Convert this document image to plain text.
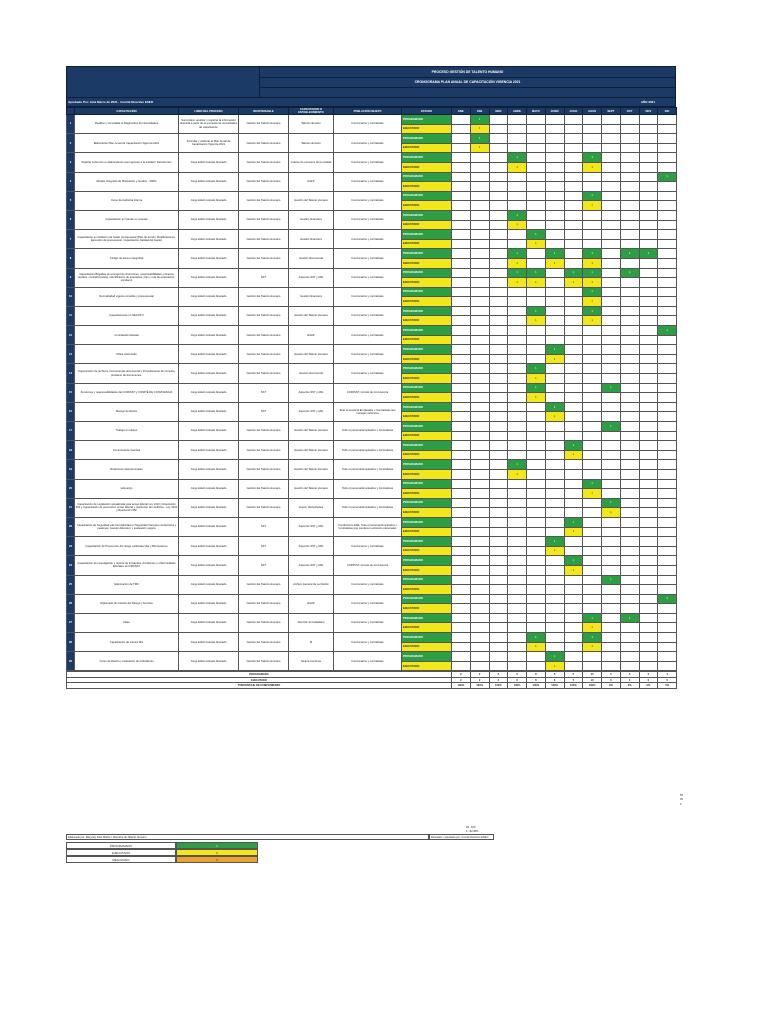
PROCESO GESTIÓN DE TALENTO HUMANO
CRONOGRAMA PLAN ANUAL DE CAPACITACIÓN VIGENCIA 2021
Aprobado Por: Acta Marzo de 2021 · Comité Directivo ESEO	AÑO 2021
	CAPACITACIÓN	LIDER DEL PROCESO	RESPONSABLE	CAPACITADOR O ESTABLECIMIENTO	POBLACIÓN OBJETO	ESTADO	ENE	FEB	MAR	ABRIL	MAYO	JUNIO	JULIO	AGOS	SEPT	OCT	NOV	DIC
1	Realizar y Consolidar el Diagnóstico de Necesidades	Suministrar, analizar y registrar la información obtenida a partir de la encuesta de necesidades de capacitación	Gestión del Talento Humano	Talento Humano	Funcionarios y contratistas	PROGRAMADO		1										
						EJECUTADO		1										
2	Elaboración Plan Anual de Capacitación Vigencia 2021	Formular y elaborar el Plan Anual de Capacitación Vigencia 2021	Gestión del Talento Humano	Talento Humano	Funcionarios y contratistas	PROGRAMADO		1										
						EJECUTADO		1										
3	Realizar Inducción a colaboradores que ingresan a la entidad / Reinducción	Jorge Edwin Arévalo Alvarado	Gestión del Talento Humano	Líderes de procesos de la entidad	Funcionarios y contratistas	PROGRAMADO				1				1				
						EJECUTADO				1				1				
4	Modelo Integrado de Planeación y Gestión - MIPG	Jorge Edwin Arévalo Alvarado	Gestión del Talento Humano	DAFP	Funcionarios y contratistas	PROGRAMADO												1
						EJECUTADO												
5	Curso de Auditoría Interna	Jorge Edwin Arévalo Alvarado	Gestión del Talento Humano	Gestión del Talento Humano	Funcionarios y contratistas	PROGRAMADO								1				
						EJECUTADO								1				
6	Capacitación en tramite en cuentas	Jorge Edwin Arévalo Alvarado	Gestión del Talento Humano	Gestión financiera	Funcionarios y contratistas	PROGRAMADO				1								
						EJECUTADO				1								
7	Capacitación en Gobierno de Gasto presupuestal (Plan de acción, Modificaciones, Ejecución de presupuesto, Capacitación Calidad del Gasto)	Jorge Edwin Arévalo Alvarado	Gestión del Talento Humano	Gestión financiera	Funcionarios y contratistas	PROGRAMADO					1							
						EJECUTADO					1							
8	Código de ética e integridad	Jorge Edwin Arévalo Alvarado	Gestión del Talento Humano	Gestión documental	Funcionarios y contratistas	PROGRAMADO				1		1		1		1	1	
						EJECUTADO				1		1		1				
9	Capacitación Brigadas de emergencia (Funciones, responsabilidades, primeros auxilios, contraincendios), identificación de amenazas, plan y ruta de evacuación, simulacro	Jorge Edwin Arévalo Alvarado	SST	Aspectos SST y ARL	Funcionarios y contratistas	PROGRAMADO				1	1		1	1		1		
						EJECUTADO				1	1		1	1				
10	Normatividad vigente contable y presupuestal	Jorge Edwin Arévalo Alvarado	Gestión del Talento Humano	Gestión financiera	Funcionarios y contratistas	PROGRAMADO								1				
						EJECUTADO								1				
11	Capacitaciones en SECOP II	Jorge Edwin Arévalo Alvarado	Gestión del Talento Humano	Gestión del Talento Humano	Funcionarios y contratistas	PROGRAMADO					1			1				
						EJECUTADO					1			1				
12	Contratación Estatal	Jorge Edwin Arévalo Alvarado	Gestión del Talento Humano	ESAP	Funcionarios y contratistas	PROGRAMADO												1
						EJECUTADO												
13	Office Intermedio	Jorge Edwin Arévalo Alvarado	Gestión del Talento Humano	Gestión del Talento Humano	Funcionarios y contratistas	PROGRAMADO						1						
						EJECUTADO						1						
14	Organización de archivos, herramientas documental y Procedimiento de consulta, préstamo de documentos.	Jorge Edwin Arévalo Alvarado	Gestión del Talento Humano	Gestión documental	Funcionarios y contratistas	PROGRAMADO					1							
						EJECUTADO					1							
15	Funciones y responsabilidades del COPASST y COMITÉ DE CONVIVENCIA	Jorge Edwin Arévalo Alvarado	SST	Aspectos SST y ARL	COPASST, Comité de Convivencia	PROGRAMADO					1				1			
						EJECUTADO					1							
16	Manejo de Estrés	Jorge Edwin Arévalo Alvarado	SST	Aspectos SST y ARL	Todo el personal Empleados y Contratistas que manejan vehículos	PROGRAMADO						1						
						EJECUTADO						1						
17	Trabajo en equipo	Jorge Edwin Arévalo Alvarado	Gestión del Talento Humano	Gestión del Talento Humano	Todo el personal Empleados y Contratistas	PROGRAMADO									1			
						EJECUTADO												
18	Comunicación Asertiva	Jorge Edwin Arévalo Alvarado	Gestión del Talento Humano	Gestión del Talento Humano	Todo el personal Empleados y Contratistas	PROGRAMADO							1					
						EJECUTADO							1					
19	Relaciones interpersonales	Jorge Edwin Arévalo Alvarado	Gestión del Talento Humano	Gestión del Talento Humano	Todo el personal Empleados y Contratistas	PROGRAMADO				1								
						EJECUTADO				1								
20	Liderazgo	Jorge Edwin Arévalo Alvarado	Gestión del Talento Humano	Gestión del Talento Humano	Todo el personal Empleados y Contratistas	PROGRAMADO								1				
						EJECUTADO								1				
21	Capacitación de Legislación actualizada para acoso laboral Ley 1010 y Resolución 652 y Capacitación de prevención acoso laboral y resolución de conflictos - Ley 1010 y Resolución 652	Jorge Edwin Arévalo Alvarado	Gestión del Talento Humano	Asesor disciplinarios	Todo el personal Empleados y Contratistas	PROGRAMADO									1			
						EJECUTADO									1			
22	Capacitación de Seguridad vial /normatividad en Seguridad Vial para conductores y peatones, manejo defensivo y evaluación segura	Jorge Edwin Arévalo Alvarado	SST	Aspectos SST y ARL	Conductores ESE, Todo el personal Empleados y Contratistas que conducen vehículos personales	PROGRAMADO							1					
						EJECUTADO							1					
23	Capacitación de Prevención del riesgo cardiovascular y Biomecánico	Jorge Edwin Arévalo Alvarado	SST	Aspectos SST y ARL	Funcionarios y contratistas	PROGRAMADO						1						
						EJECUTADO						1						
24	Capacitación de investigación y reporte de Incidentes, Accidentes y enfermedades laborales al COPASST	Jorge Edwin Arévalo Alvarado	SST	Aspectos SST y ARL	COPASST, Comité de Convivencia	PROGRAMADO							1					
						EJECUTADO							1					
25	Elaboración de TRD	Jorge Edwin Arévalo Alvarado	Gestión del Talento Humano	Archivo General de La Nación	Funcionarios y contratistas	PROGRAMADO									1			
						EJECUTADO												
26	Diplomado de Gestión del Riesgo / Sst Anta	Jorge Edwin Arévalo Alvarado	Gestión del Talento Humano	ESAP	Funcionarios y contratistas	PROGRAMADO												1
						EJECUTADO												
27	Video	Jorge Edwin Arévalo Alvarado	Gestión del Talento Humano	Atención al Ciudadano	Funcionarios y contratistas	PROGRAMADO								1		1		
						EJECUTADO								1				
28	Capacitación de cultura SIG	Jorge Edwin Arévalo Alvarado	Gestión del Talento Humano	SI	Funcionarios y contratistas	PROGRAMADO					1			1				
						EJECUTADO					1			1				
29	Curso de Diseño y evaluación de Indicadores	Jorge Edwin Arévalo Alvarado	Gestión del Talento Humano	Mejora Continua	Funcionarios y contratistas	PROGRAMADO						1						
						EJECUTADO						1						
PROGRAMADO	2	2	2	6	8	6	5	10	5	3	2	4
EJECUTADO	2	2	2	6	8	6	5	10	0	0	0	0
PORCENTAJE DE CUMPLIMIENTO	100%	100%	100%	100%	100%	100%	100%	100%	0%	0%	0%	0%
55
45
0
49 100
6 82,35%
Elaborado por: Marycely Díaz Muñoz / Directora de Talento Humano	Revisado y aprobado por: Comité Directivo ESEO
PROGRAMADO	1
EJECUTADO	2
REALIZADO	3
